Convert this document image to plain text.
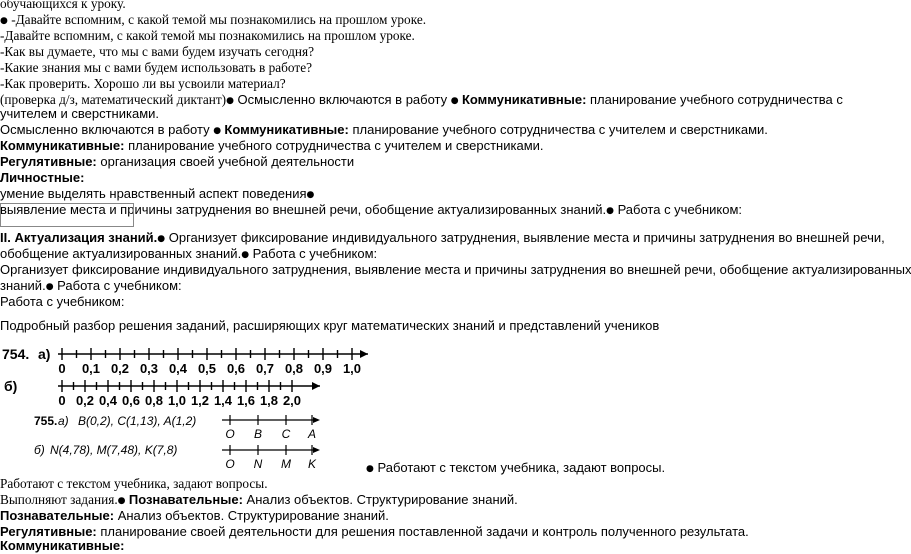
обучающихся к уроку.
● -Давайте вспомним, с какой темой мы познакомились на прошлом уроке.
-Давайте вспомним, с какой темой мы познакомились на прошлом уроке.
-Как вы думаете, что мы с вами будем изучать сегодня?
-Какие знания мы с вами будем использовать в работе?
-Как проверить. Хорошо ли вы усвоили материал?
(проверка д/з, математический диктант)● Осмысленно включаются в работу ● Коммуникативные: планирование учебного сотрудничества с
учителем и сверстниками.
Осмысленно включаются в работу ● Коммуникативные: планирование учебного сотрудничества с учителем и сверстниками.
Коммуникативные: планирование учебного сотрудничества с учителем и сверстниками.
Регулятивные: организация своей учебной деятельности
Личностные:
умение выделять нравственный аспект поведения●
выявление места и причины затруднения во внешней речи, обобщение актуализированных знаний.● Работа с учебником:
II. Актуализация знаний.● Организует фиксирование индивидуального затруднения, выявление места и причины затруднения во внешней речи,
обобщение актуализированных знаний.● Работа с учебником:
Организует фиксирование индивидуального затруднения, выявление места и причины затруднения во внешней речи, обобщение актуализированных
знаний.● Работа с учебником:
Работа с учебником:
Подробный разбор решения заданий, расширяющих круг математических знаний и представлений учеников
754. а)
0 0,1 0,2 0,3 0,4 0,5 0,6 0,7 0,8 0,9 1,0
б)
0 0,2 0,4 0,6 0,8 1,0 1,2 1,4 1,6 1,8 2,0
755. а) B(0,2), C(1,13), A(1,2)
O B C A
б) N(4,78), M(7,48), K(7,8)
O N M K	● Работают с текстом учебника, задают вопросы.
Работают с текстом учебника, задают вопросы.
Выполняют задания.● Познавательные: Анализ объектов. Структурирование знаний.
Познавательные: Анализ объектов. Структурирование знаний.
Регулятивные: планирование своей деятельности для решения поставленной задачи и контроль полученного результата.
Коммуникативные:
